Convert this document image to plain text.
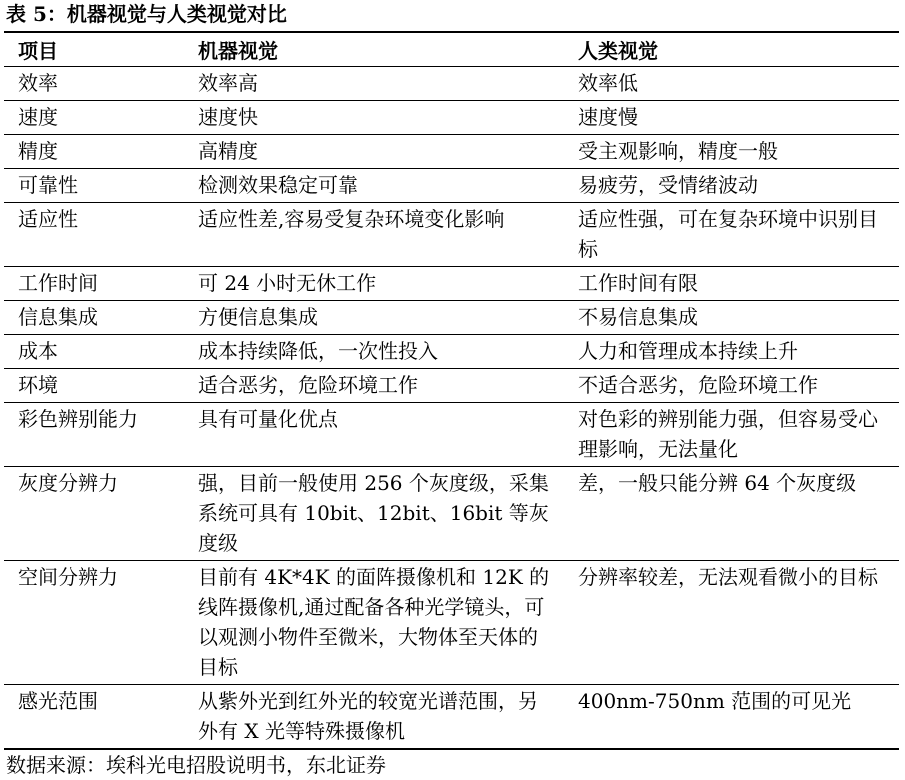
表 5：机器视觉与人类视觉对比
项目	机器视觉	人类视觉
效率	效率高	效率低
速度	速度快	速度慢
精度	高精度	受主观影响，精度一般
可靠性	检测效果稳定可靠	易疲劳，受情绪波动
适应性	适应性差,容易受复杂环境变化影响	适应性强，可在复杂环境中识别目标
工作时间	可 24 小时无休工作	工作时间有限
信息集成	方便信息集成	不易信息集成
成本	成本持续降低，一次性投入	人力和管理成本持续上升
环境	适合恶劣，危险环境工作	不适合恶劣，危险环境工作
彩色辨别能力	具有可量化优点	对色彩的辨别能力强，但容易受心理影响，无法量化
灰度分辨力	强，目前一般使用 256 个灰度级，采集系统可具有 10bit、12bit、16bit 等灰度级	差，一般只能分辨 64 个灰度级
空间分辨力	目前有 4K*4K 的面阵摄像机和 12K 的线阵摄像机,通过配备各种光学镜头，可以观测小物件至微米，大物体至天体的目标	分辨率较差，无法观看微小的目标
感光范围	从紫外光到红外光的较宽光谱范围，另外有 X 光等特殊摄像机	400nm-750nm 范围的可见光
数据来源：埃科光电招股说明书，东北证券
